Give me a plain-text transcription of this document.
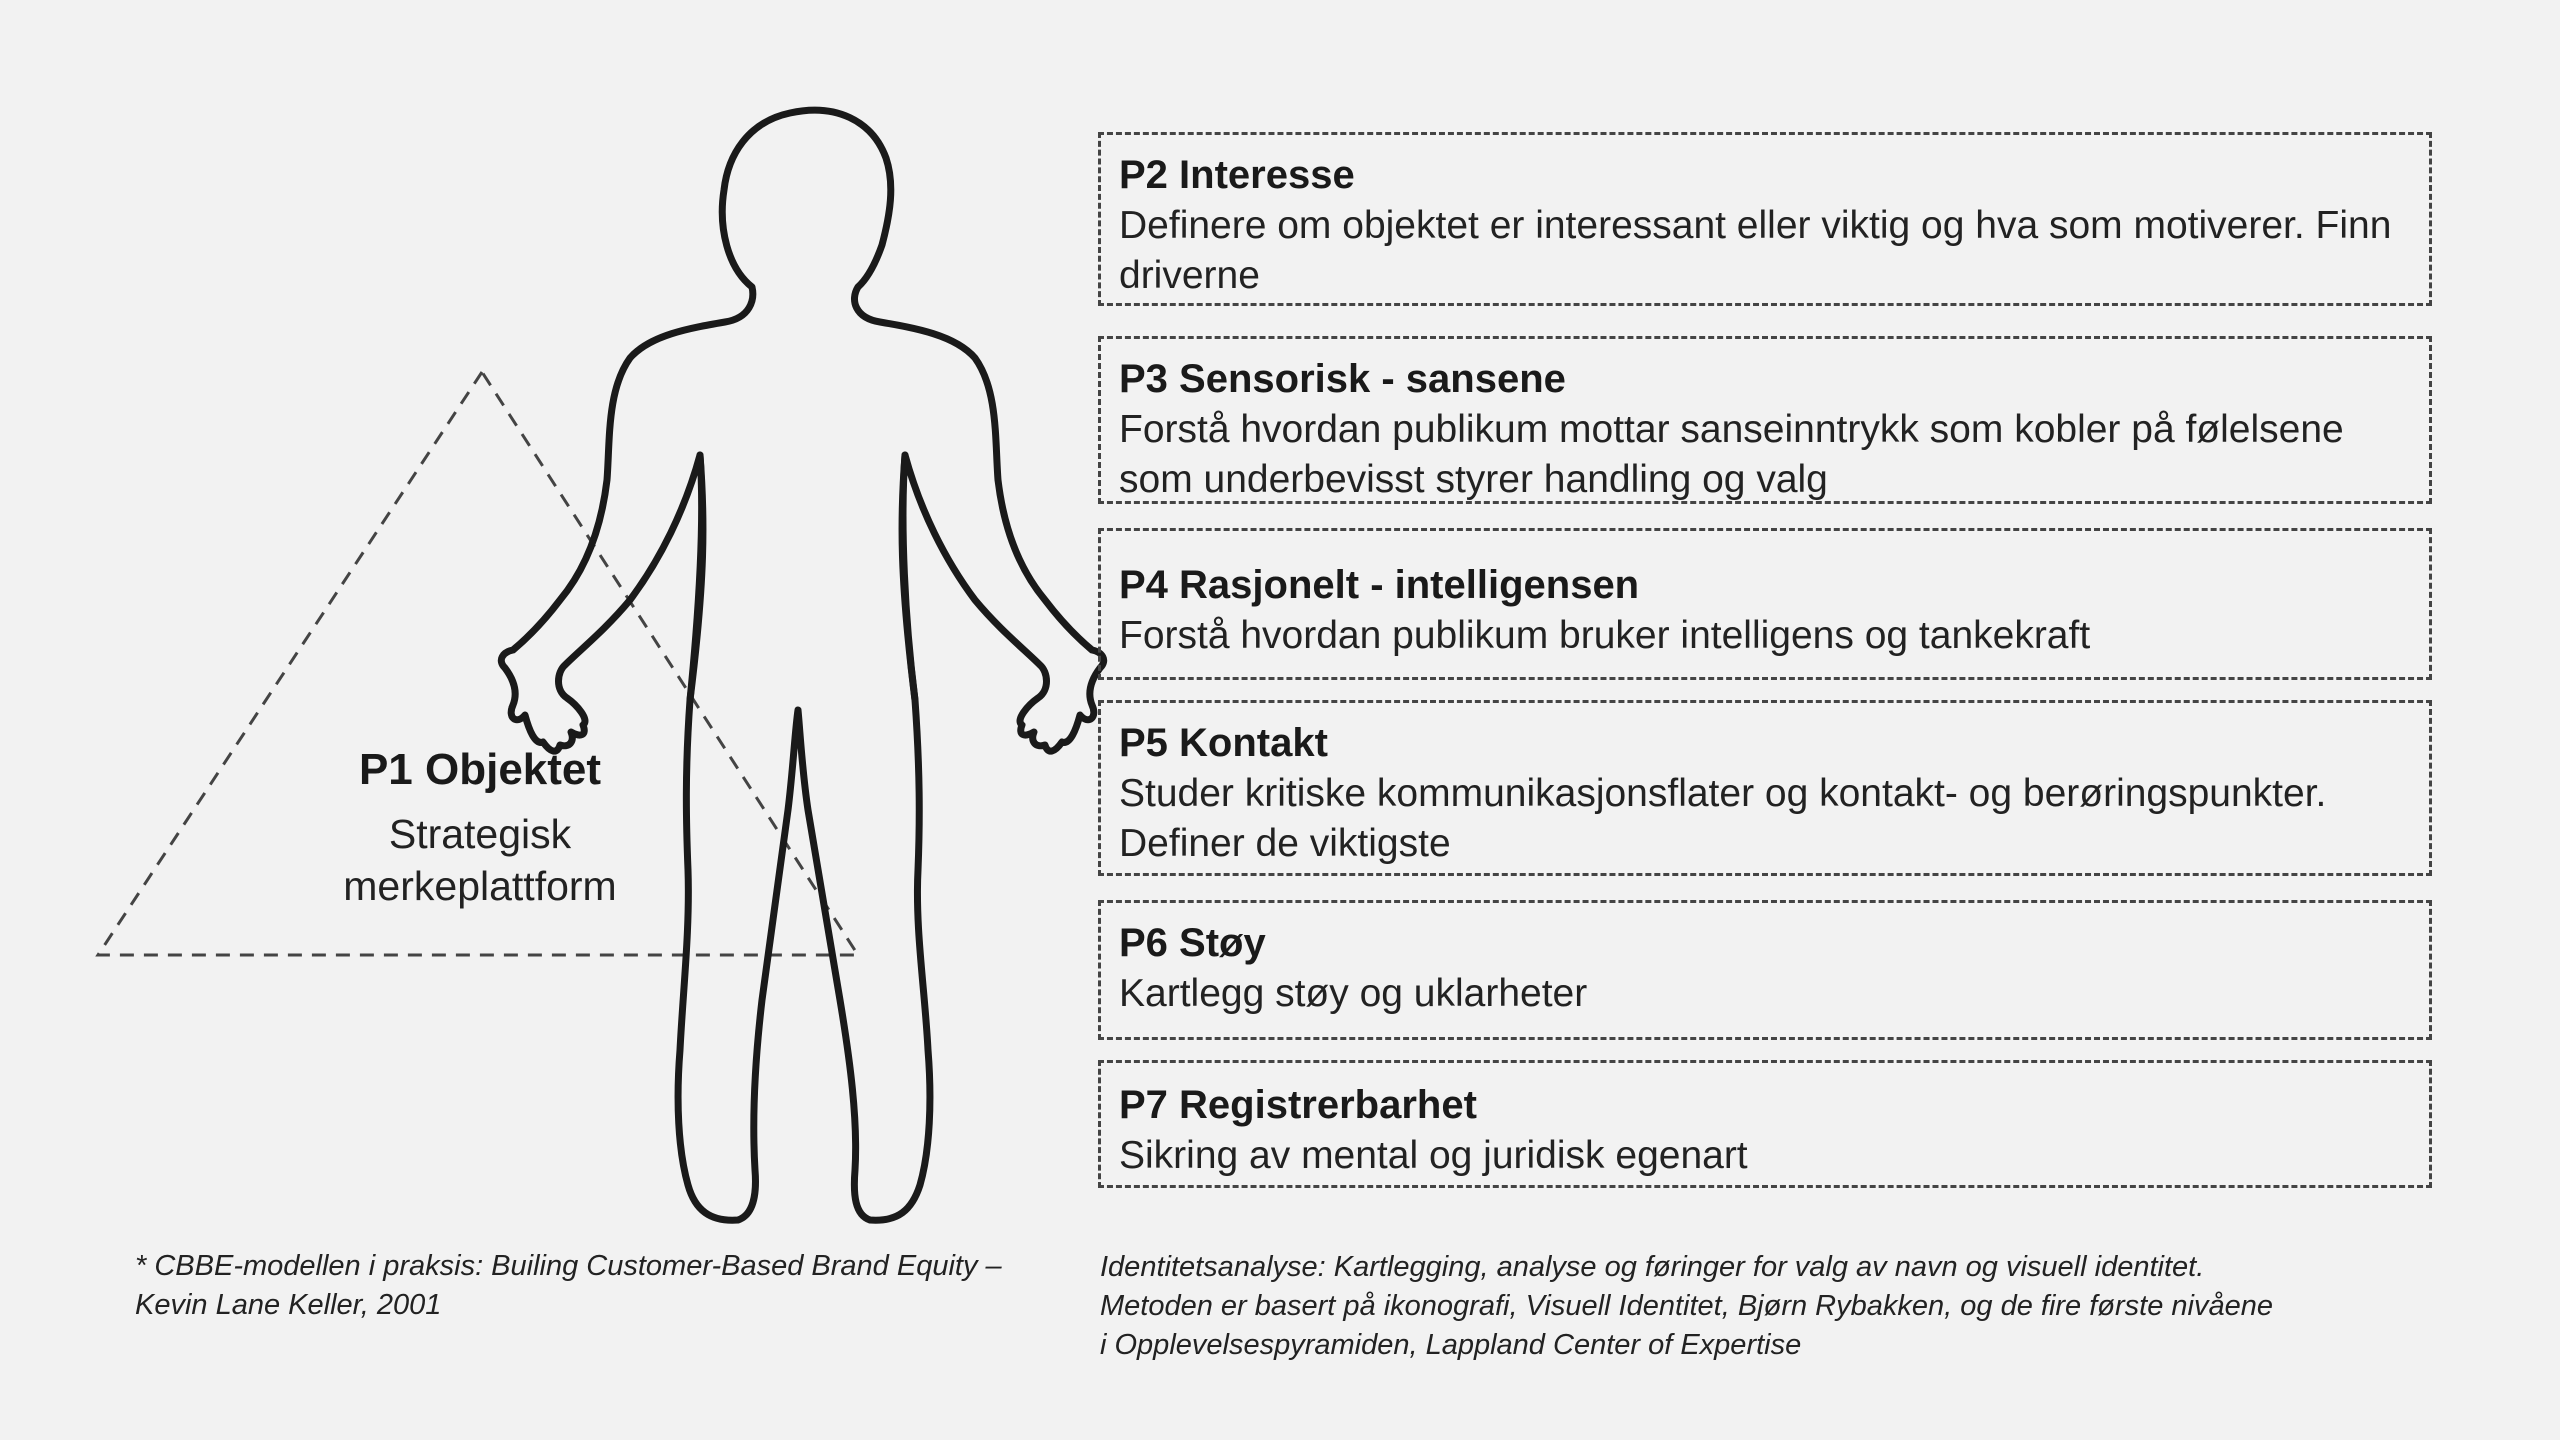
P1 Objektet
Strategisk
merkeplattform
P2 Interesse
Definere om objektet er interessant eller viktig og hva som motiverer. Finn driverne
P3 Sensorisk - sansene
Forstå hvordan publikum mottar sanseinntrykk som kobler på følelsene som underbevisst styrer handling og valg
P4 Rasjonelt - intelligensen
Forstå hvordan publikum bruker intelligens og tankekraft
P5 Kontakt
Studer kritiske kommunikasjonsflater og kontakt- og berøringspunkter. Definer de viktigste
P6 Støy
Kartlegg støy og uklarheter
P7 Registrerbarhet
Sikring av mental og juridisk egenart
* CBBE-modellen i praksis: Builing Customer-Based Brand Equity – Kevin Lane Keller, 2001
Identitetsanalyse: Kartlegging, analyse og føringer for valg av navn og visuell identitet.
Metoden er basert på ikonografi, Visuell Identitet, Bjørn Rybakken, og de fire første nivåene
i Opplevelsespyramiden, Lappland Center of Expertise
